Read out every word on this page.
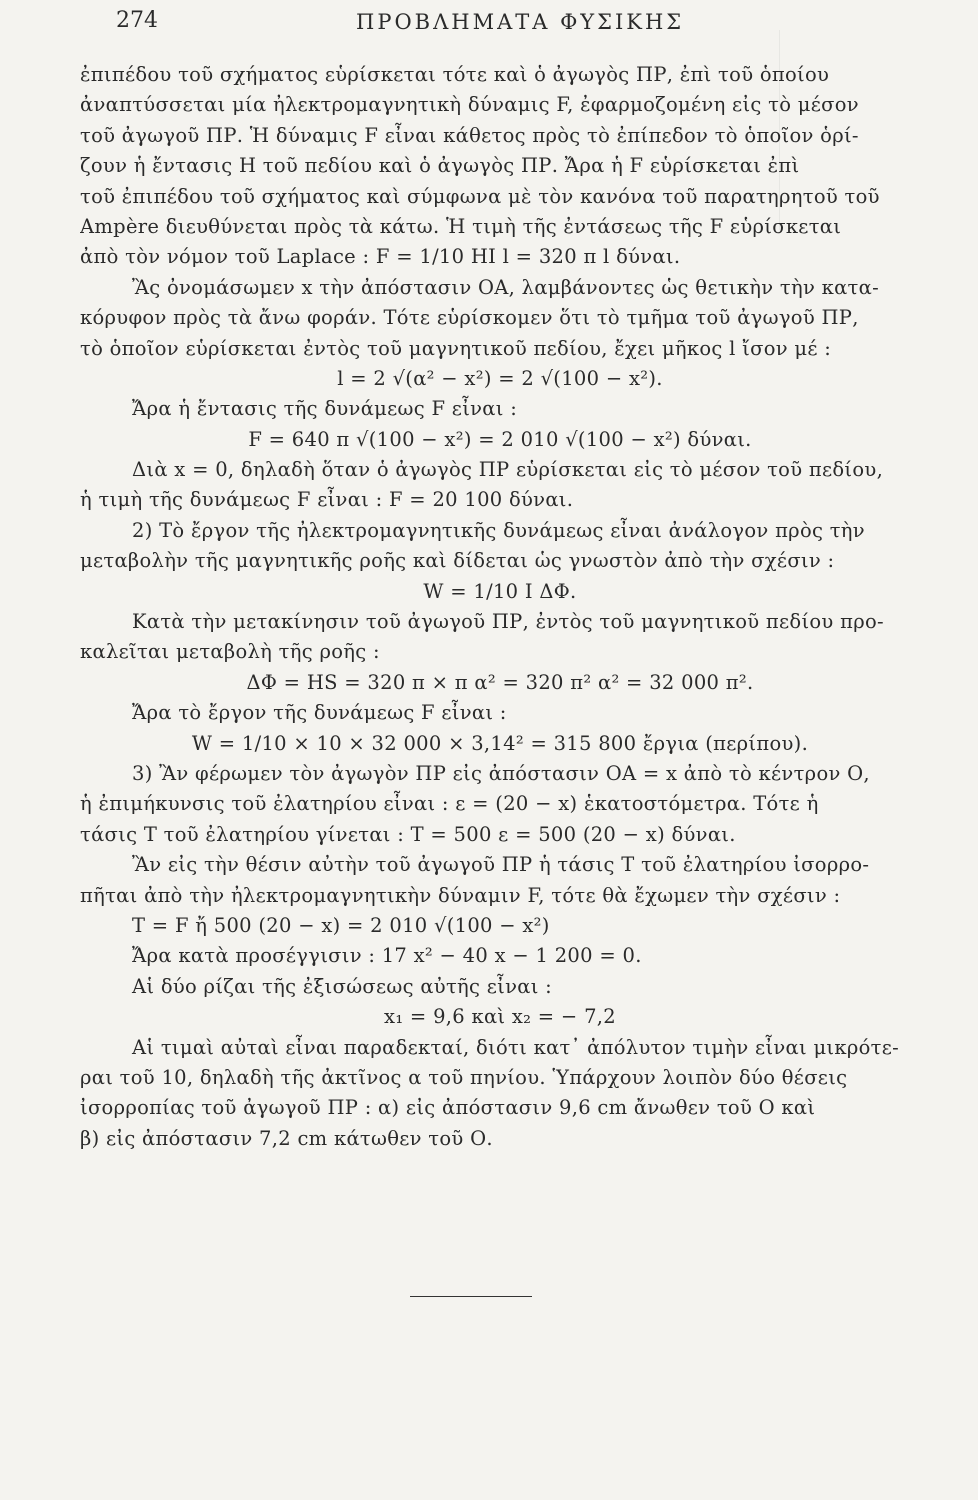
274	ΠΡΟΒΛΗΜΑΤΑ ΦΥΣΙΚΗΣ
ἐπιπέδου τοῦ σχήματος εὑρίσκεται τότε καὶ ὁ ἀγωγὸς ΠΡ, ἐπὶ τοῦ ὁποίου
ἀναπτύσσεται μία ἠλεκτρομαγνητικὴ δύναμις F, ἐφαρμοζομένη εἰς τὸ μέσον
τοῦ ἀγωγοῦ ΠΡ. Ἡ δύναμις F εἶναι κάθετος πρὸς τὸ ἐπίπεδον τὸ ὁποῖον ὁρί-
ζουν ἡ ἔντασις Η τοῦ πεδίου καὶ ὁ ἀγωγὸς ΠΡ. Ἄρα ἡ F εὑρίσκεται ἐπὶ
τοῦ ἐπιπέδου τοῦ σχήματος καὶ σύμφωνα μὲ τὸν κανόνα τοῦ παρατηρητοῦ τοῦ
Ampère διευθύνεται πρὸς τὰ κάτω. Ἡ τιμὴ τῆς ἐντάσεως τῆς F εὑρίσκεται
ἀπὸ τὸν νόμον τοῦ Laplace : F = 1/10 HI l = 320 π l δύναι.
Ἂς ὀνομάσωμεν x τὴν ἀπόστασιν ΟΑ, λαμβάνοντες ὡς θετικὴν τὴν κατα-
κόρυφον πρὸς τὰ ἄνω φοράν. Τότε εὑρίσκομεν ὅτι τὸ τμῆμα τοῦ ἀγωγοῦ ΠΡ,
τὸ ὁποῖον εὑρίσκεται ἐντὸς τοῦ μαγνητικοῦ πεδίου, ἔχει μῆκος l ἴσον μέ :
l = 2 √(α² − x²) = 2 √(100 − x²).
Ἄρα ἡ ἔντασις τῆς δυνάμεως F εἶναι :
F = 640 π √(100 − x²) = 2 010 √(100 − x²) δύναι.
Διὰ x = 0, δηλαδὴ ὅταν ὁ ἀγωγὸς ΠΡ εὑρίσκεται εἰς τὸ μέσον τοῦ πεδίου,
ἡ τιμὴ τῆς δυνάμεως F εἶναι : F = 20 100 δύναι.
2) Τὸ ἔργον τῆς ἠλεκτρομαγνητικῆς δυνάμεως εἶναι ἀνάλογον πρὸς τὴν
μεταβολὴν τῆς μαγνητικῆς ροῆς καὶ δίδεται ὡς γνωστὸν ἀπὸ τὴν σχέσιν :
W = 1/10 I ΔΦ.
Κατὰ τὴν μετακίνησιν τοῦ ἀγωγοῦ ΠΡ, ἐντὸς τοῦ μαγνητικοῦ πεδίου προ-
καλεῖται μεταβολὴ τῆς ροῆς :
ΔΦ = HS = 320 π × π α² = 320 π² α² = 32 000 π².
Ἄρα τὸ ἔργον τῆς δυνάμεως F εἶναι :
W = 1/10 × 10 × 32 000 × 3,14² = 315 800 ἔργια (περίπου).
3) Ἂν φέρωμεν τὸν ἀγωγὸν ΠΡ εἰς ἀπόστασιν ΟΑ = x ἀπὸ τὸ κέντρον Ο,
ἡ ἐπιμήκυνσις τοῦ ἐλατηρίου εἶναι : ε = (20 − x) ἑκατοστόμετρα. Τότε ἡ
τάσις Τ τοῦ ἐλατηρίου γίνεται : Τ = 500 ε = 500 (20 − x) δύναι.
Ἂν εἰς τὴν θέσιν αὐτὴν τοῦ ἀγωγοῦ ΠΡ ἡ τάσις Τ τοῦ ἐλατηρίου ἰσορρο-
πῆται ἀπὸ τὴν ἠλεκτρομαγνητικὴν δύναμιν F, τότε θὰ ἔχωμεν τὴν σχέσιν :
Τ = F ἤ 500 (20 − x) = 2 010 √(100 − x²)
Ἄρα κατὰ προσέγγισιν : 17 x² − 40 x − 1 200 = 0.
Αἱ δύο ρίζαι τῆς ἐξισώσεως αὐτῆς εἶναι :
x₁ = 9,6 καὶ x₂ = − 7,2
Αἱ τιμαὶ αὐταὶ εἶναι παραδεκταί, διότι κατ᾽ ἀπόλυτον τιμὴν εἶναι μικρότε-
ραι τοῦ 10, δηλαδὴ τῆς ἀκτῖνος α τοῦ πηνίου. Ὑπάρχουν λοιπὸν δύο θέσεις
ἰσορροπίας τοῦ ἀγωγοῦ ΠΡ : α) εἰς ἀπόστασιν 9,6 cm ἄνωθεν τοῦ Ο καὶ
β) εἰς ἀπόστασιν 7,2 cm κάτωθεν τοῦ Ο.
